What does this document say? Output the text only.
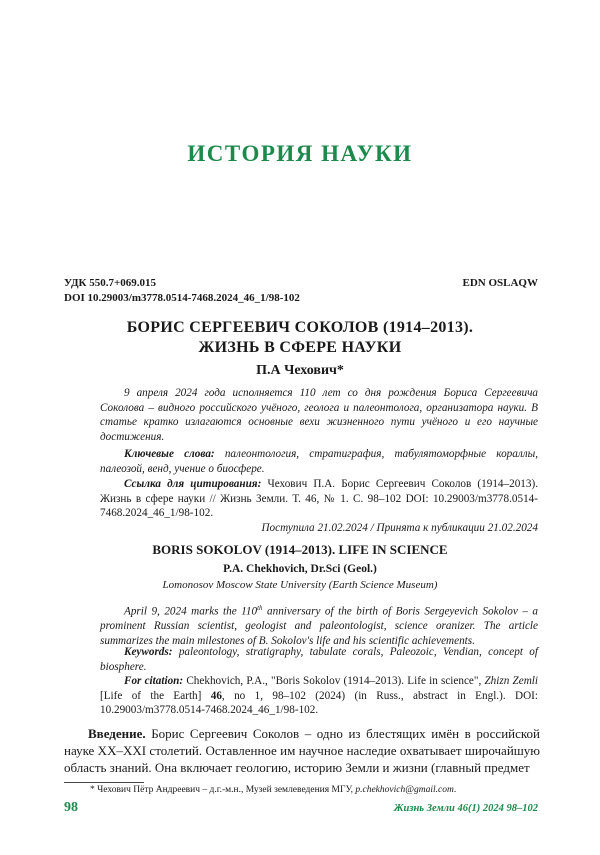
ИСТОРИЯ НАУКИ
УДК 550.7+069.015
DOI 10.29003/m3778.0514-7468.2024_46_1/98-102
EDN OSLAQW
БОРИС СЕРГЕЕВИЧ СОКОЛОВ (1914–2013).
ЖИЗНЬ В СФЕРЕ НАУКИ
П.А Чехович*
9 апреля 2024 года исполняется 110 лет со дня рождения Бориса Сергеевича Соколова – видного российского учёного, геолога и палеонтолога, организатора науки. В статье кратко излагаются основные вехи жизненного пути учёного и его научные достижения.
Ключевые слова: палеонтология, стратиграфия, табулятоморфные кораллы, палеозой, венд, учение о биосфере.
Ссылка для цитирования: Чехович П.А. Борис Сергеевич Соколов (1914–2013). Жизнь в сфере науки // Жизнь Земли. Т. 46, № 1. С. 98–102 DOI: 10.29003/m3778.0514-7468.2024_46_1/98-102.
Поступила 21.02.2024 / Принята к публикации 21.02.2024
BORIS SOKOLOV (1914–2013). LIFE IN SCIENCE
P.A. Chekhovich, Dr.Sci (Geol.)
Lomonosov Moscow State University (Earth Science Museum)
April 9, 2024 marks the 110th anniversary of the birth of Boris Sergeyevich Sokolov – a prominent Russian scientist, geologist and paleontologist, science oranizer. The article summarizes the main milestones of B. Sokolov's life and his scientific achievements.
Keywords: paleontology, stratigraphy, tabulate corals, Paleozoic, Vendian, concept of biosphere.
For citation: Chekhovich, P.A., "Boris Sokolov (1914–2013). Life in science", Zhizn Zemli [Life of the Earth] 46, no 1, 98–102 (2024) (in Russ., abstract in Engl.). DOI: 10.29003/m3778.0514-7468.2024_46_1/98-102.
Введение. Борис Сергеевич Соколов – одно из блестящих имён в российской науке XX–XXI столетий. Оставленное им научное наследие охватывает широчайшую область знаний. Она включает геологию, историю Земли и жизни (главный предмет
* Чехович Пётр Андреевич – д.г.-м.н., Музей землеведения МГУ, p.chekhovich@gmail.com.
98	Жизнь Земли 46(1) 2024 98–102
